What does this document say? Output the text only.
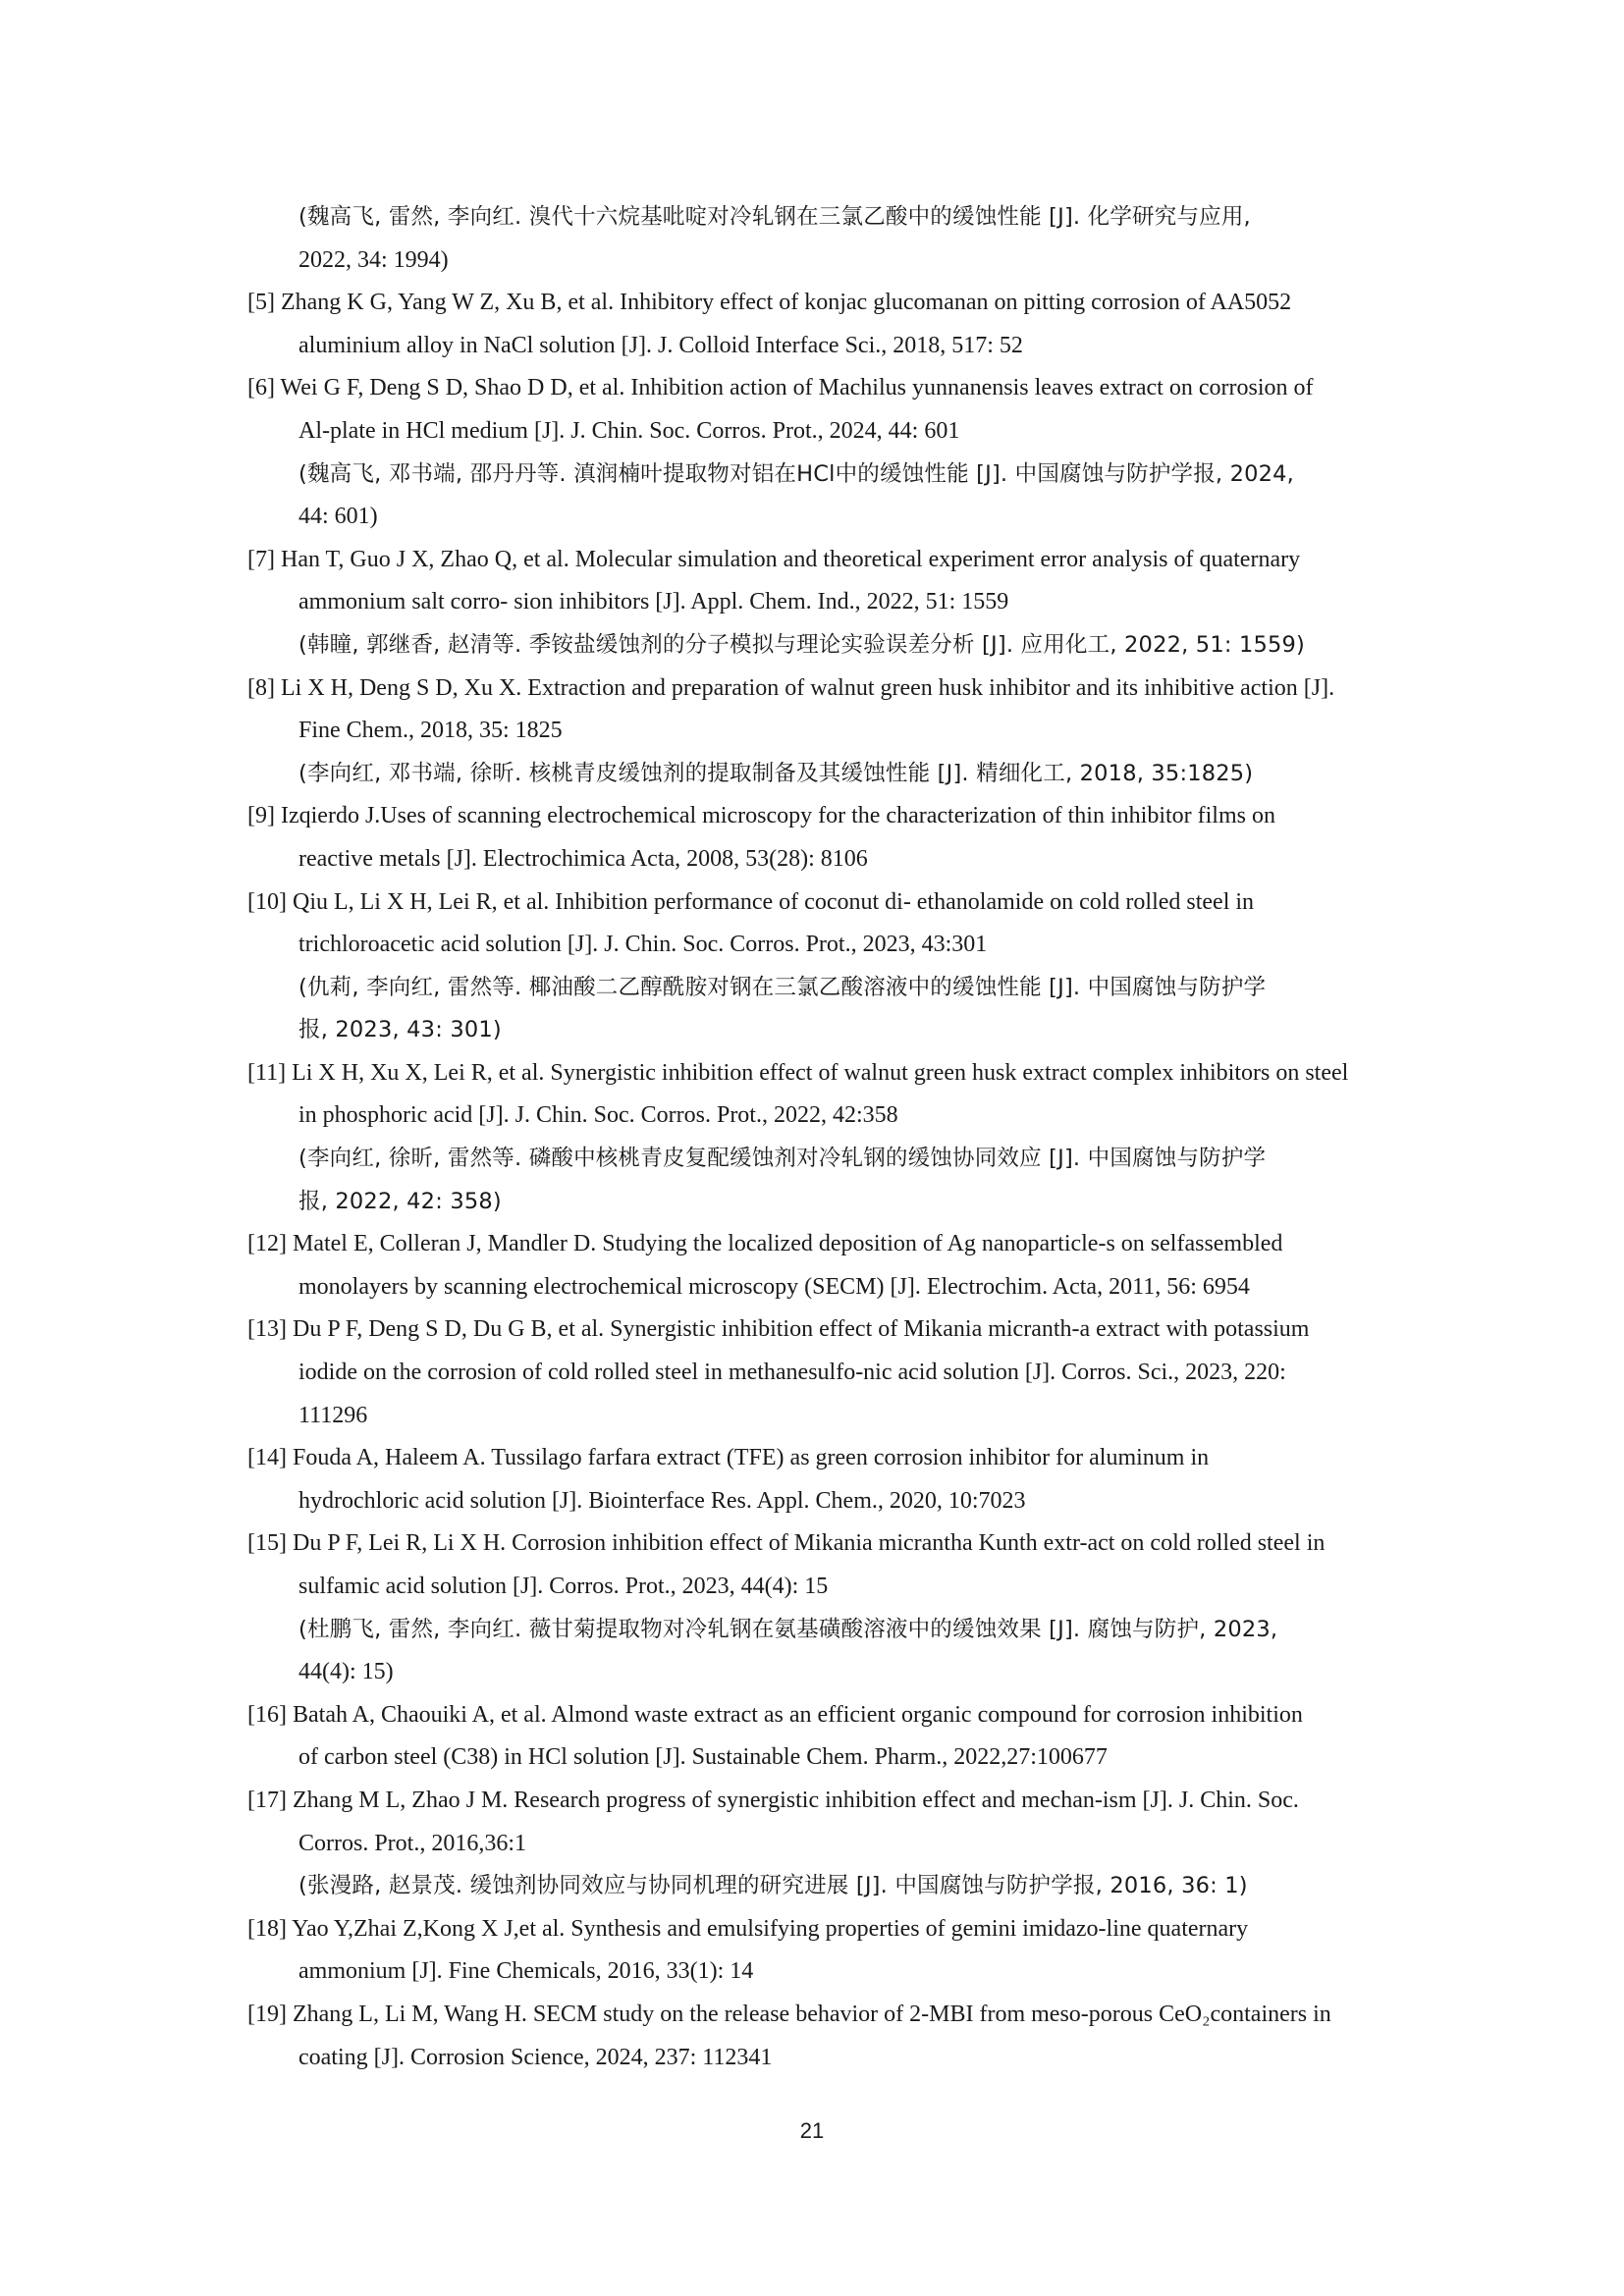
(魏高飞, 雷然, 李向红. 溴代十六烷基吡啶对冷轧钢在三氯乙酸中的缓蚀性能 [J]. 化学研究与应用,
2022, 34: 1994)
[5] Zhang K G, Yang W Z, Xu B, et al. Inhibitory effect of konjac glucomanan on pitting corrosion of AA5052
aluminium alloy in NaCl solution [J]. J. Colloid Interface Sci., 2018, 517: 52
[6] Wei G F, Deng S D, Shao D D, et al. Inhibition action of Machilus yunnanensis leaves extract on corrosion of
Al-plate in HCl medium [J]. J. Chin. Soc. Corros. Prot., 2024, 44: 601
(魏高飞, 邓书端, 邵丹丹等. 滇润楠叶提取物对铝在HCl中的缓蚀性能 [J]. 中国腐蚀与防护学报, 2024,
44: 601)
[7] Han T, Guo J X, Zhao Q, et al. Molecular simulation and theoretical experiment error analysis of quaternary
ammonium salt corro- sion inhibitors [J]. Appl. Chem. Ind., 2022, 51: 1559
(韩瞳, 郭继香, 赵清等. 季铵盐缓蚀剂的分子模拟与理论实验误差分析 [J]. 应用化工, 2022, 51: 1559)
[8] Li X H, Deng S D, Xu X. Extraction and preparation of walnut green husk inhibitor and its inhibitive action [J].
Fine Chem., 2018, 35: 1825
(李向红, 邓书端, 徐昕. 核桃青皮缓蚀剂的提取制备及其缓蚀性能 [J]. 精细化工, 2018, 35:1825)
[9] Izqierdo J.Uses of scanning electrochemical microscopy for the characterization of thin inhibitor films on
reactive metals [J]. Electrochimica Acta, 2008, 53(28): 8106
[10] Qiu L, Li X H, Lei R, et al. Inhibition performance of coconut di- ethanolamide on cold rolled steel in
trichloroacetic acid solution [J]. J. Chin. Soc. Corros. Prot., 2023, 43:301
(仇莉, 李向红, 雷然等. 椰油酸二乙醇酰胺对钢在三氯乙酸溶液中的缓蚀性能 [J]. 中国腐蚀与防护学
报, 2023, 43: 301)
[11] Li X H, Xu X, Lei R, et al. Synergistic inhibition effect of walnut green husk extract complex inhibitors on steel
in phosphoric acid [J]. J. Chin. Soc. Corros. Prot., 2022, 42:358
(李向红, 徐昕, 雷然等. 磷酸中核桃青皮复配缓蚀剂对冷轧钢的缓蚀协同效应 [J]. 中国腐蚀与防护学
报, 2022, 42: 358)
[12] Matel E, Colleran J, Mandler D. Studying the localized deposition of Ag nanoparticle-s on selfassembled
monolayers by scanning electrochemical microscopy (SECM) [J]. Electrochim. Acta, 2011, 56: 6954
[13] Du P F, Deng S D, Du G B, et al. Synergistic inhibition effect of Mikania micranth-a extract with potassium
iodide on the corrosion of cold rolled steel in methanesulfo-nic acid solution [J]. Corros. Sci., 2023, 220:
111296
[14] Fouda A, Haleem A. Tussilago farfara extract (TFE) as green corrosion inhibitor for aluminum in
hydrochloric acid solution [J]. Biointerface Res. Appl. Chem., 2020, 10:7023
[15] Du P F, Lei R, Li X H. Corrosion inhibition effect of Mikania micrantha Kunth extr-act on cold rolled steel in
sulfamic acid solution [J]. Corros. Prot., 2023, 44(4): 15
(杜鹏飞, 雷然, 李向红. 薇甘菊提取物对冷轧钢在氨基磺酸溶液中的缓蚀效果 [J]. 腐蚀与防护, 2023,
44(4): 15)
[16] Batah A, Chaouiki A, et al. Almond waste extract as an efficient organic compound for corrosion inhibition
of carbon steel (C38) in HCl solution [J]. Sustainable Chem. Pharm., 2022,27:100677
[17] Zhang M L, Zhao J M. Research progress of synergistic inhibition effect and mechan-ism [J]. J. Chin. Soc.
Corros. Prot., 2016,36:1
(张漫路, 赵景茂. 缓蚀剂协同效应与协同机理的研究进展 [J]. 中国腐蚀与防护学报, 2016, 36: 1)
[18] Yao Y,Zhai Z,Kong X J,et al. Synthesis and emulsifying properties of gemini imidazo-line quaternary
ammonium [J]. Fine Chemicals, 2016, 33(1): 14
[19] Zhang L, Li M, Wang H. SECM study on the release behavior of 2-MBI from meso-porous CeO₂containers in
coating [J]. Corrosion Science, 2024, 237: 112341
21
